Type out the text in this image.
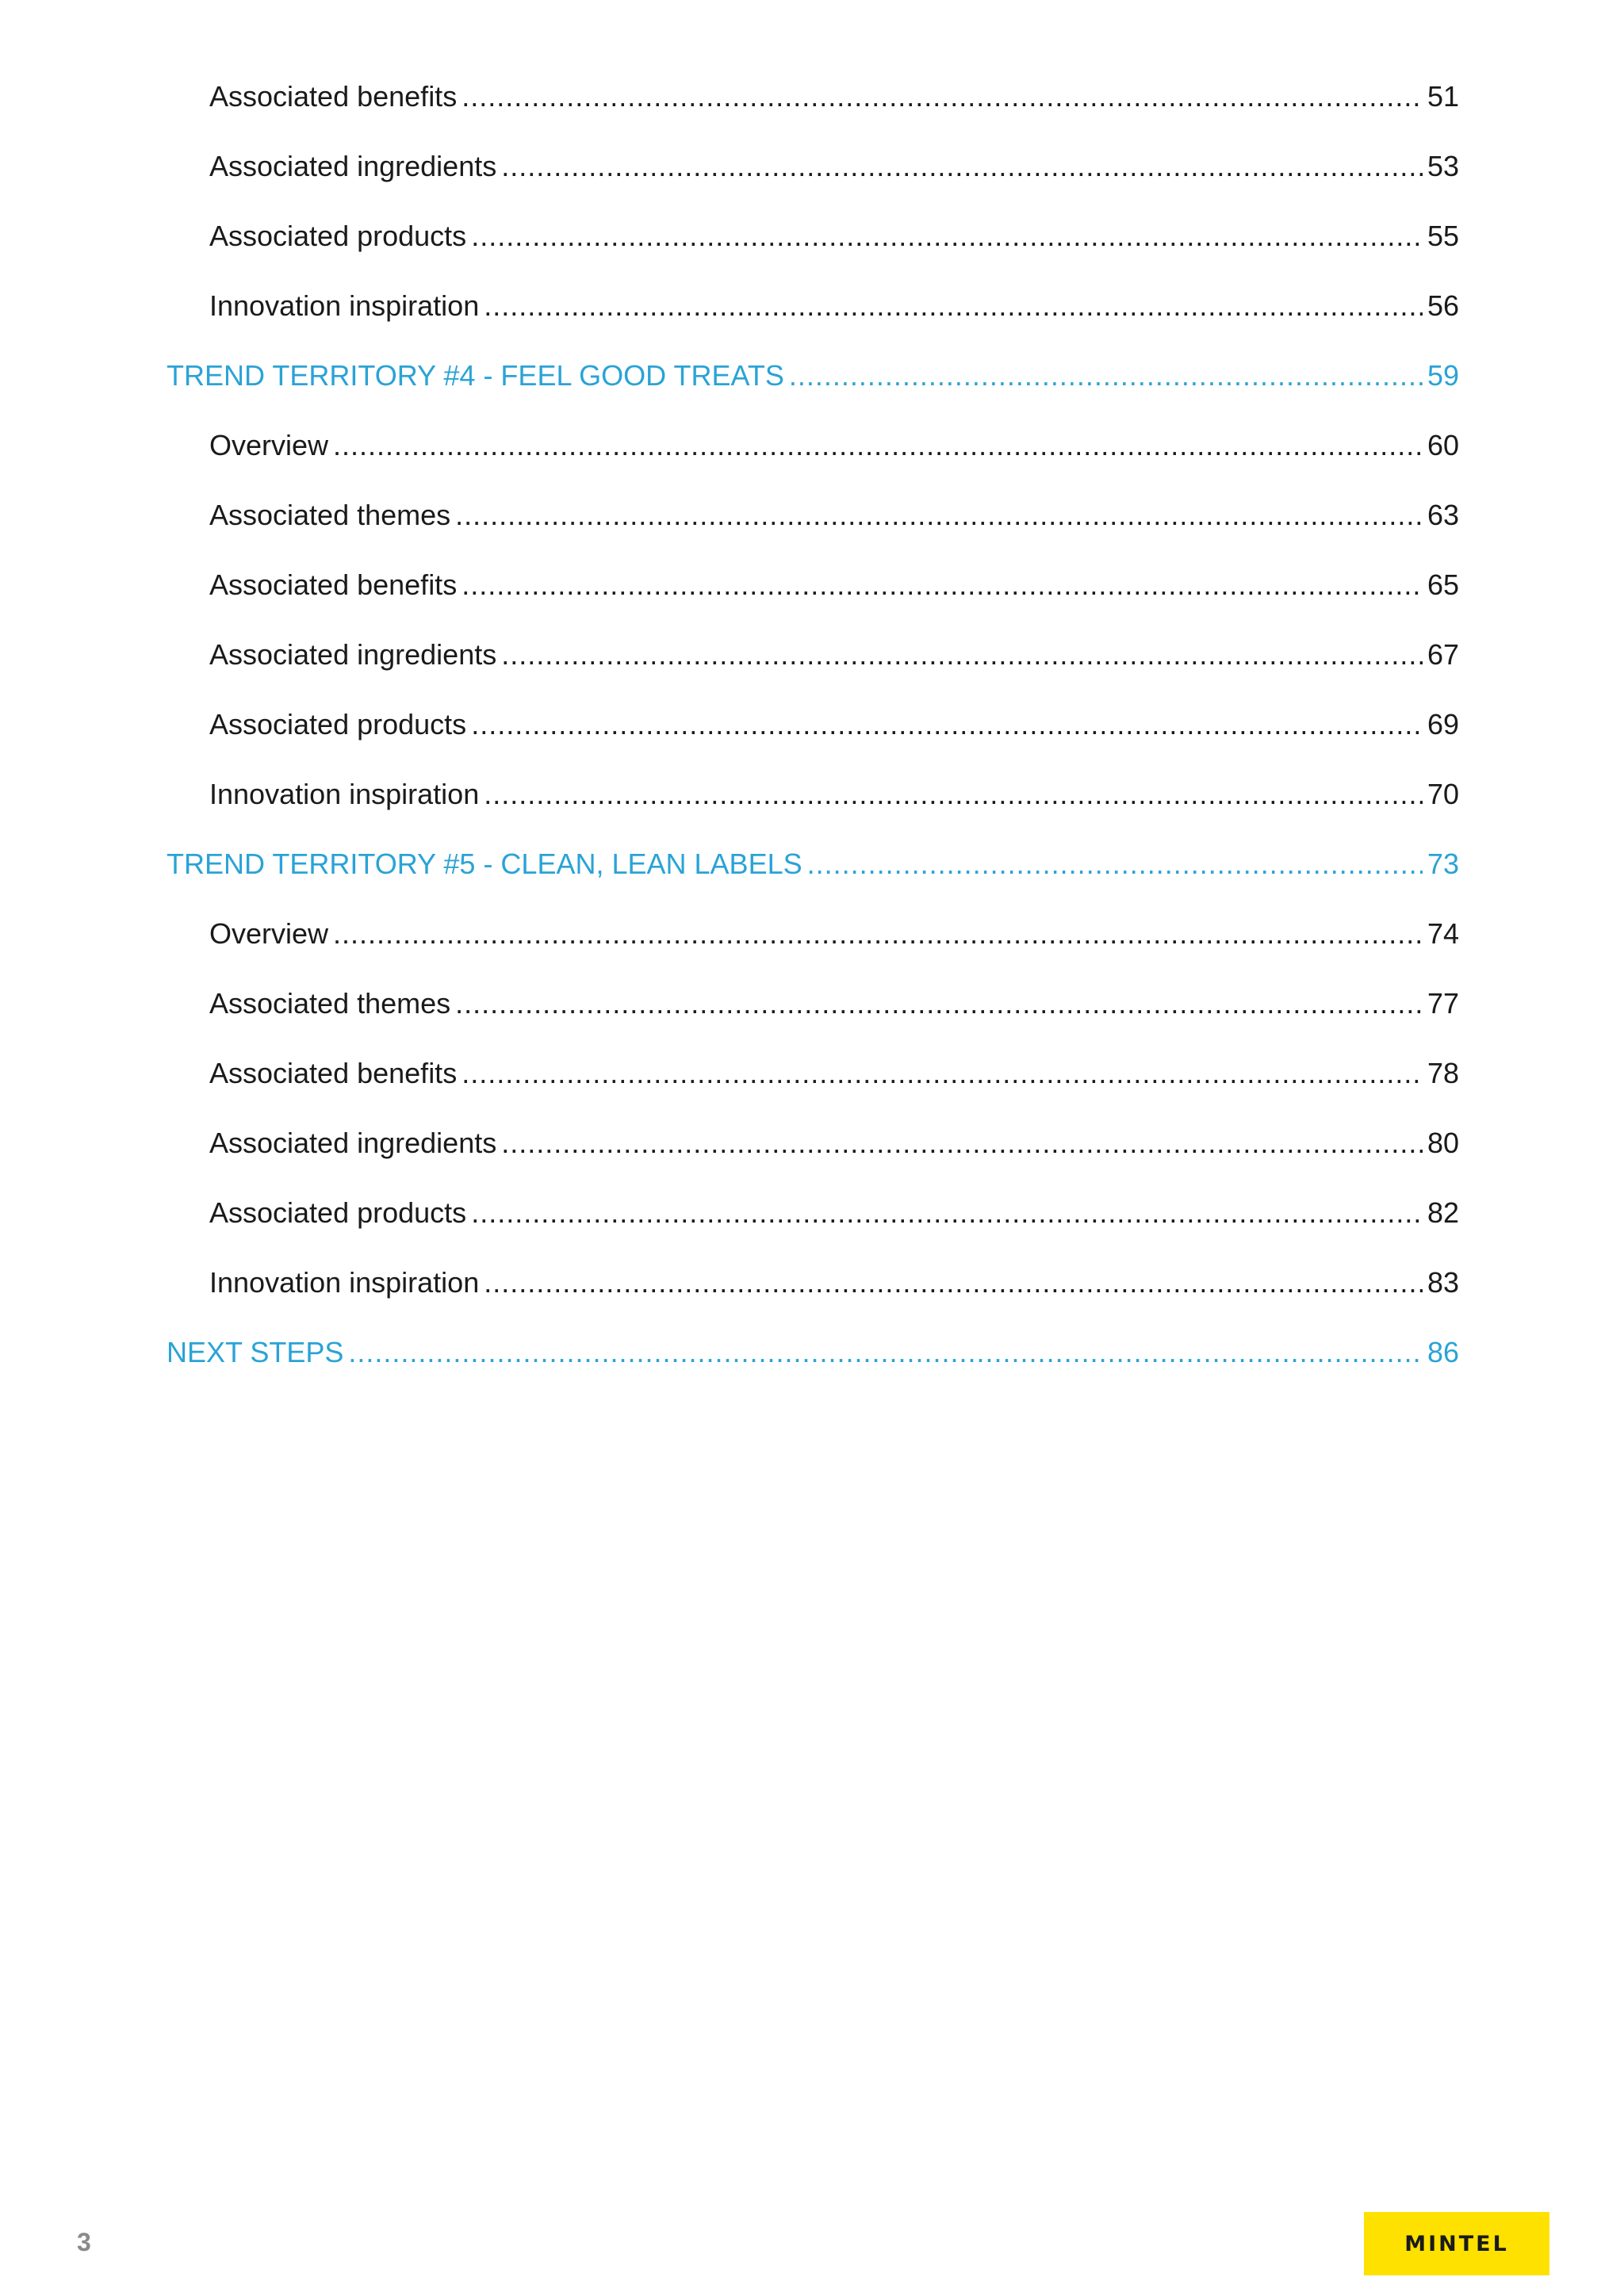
Associated benefits .....	51
Associated ingredients .....	53
Associated products .....	55
Innovation inspiration .....	56
TREND TERRITORY #4 - FEEL GOOD TREATS .....	59
Overview .....	60
Associated themes .....	63
Associated benefits .....	65
Associated ingredients .....	67
Associated products .....	69
Innovation inspiration .....	70
TREND TERRITORY #5 - CLEAN, LEAN LABELS .....	73
Overview .....	74
Associated themes .....	77
Associated benefits .....	78
Associated ingredients .....	80
Associated products .....	82
Innovation inspiration .....	83
NEXT STEPS .....	86
3	MINTEL
